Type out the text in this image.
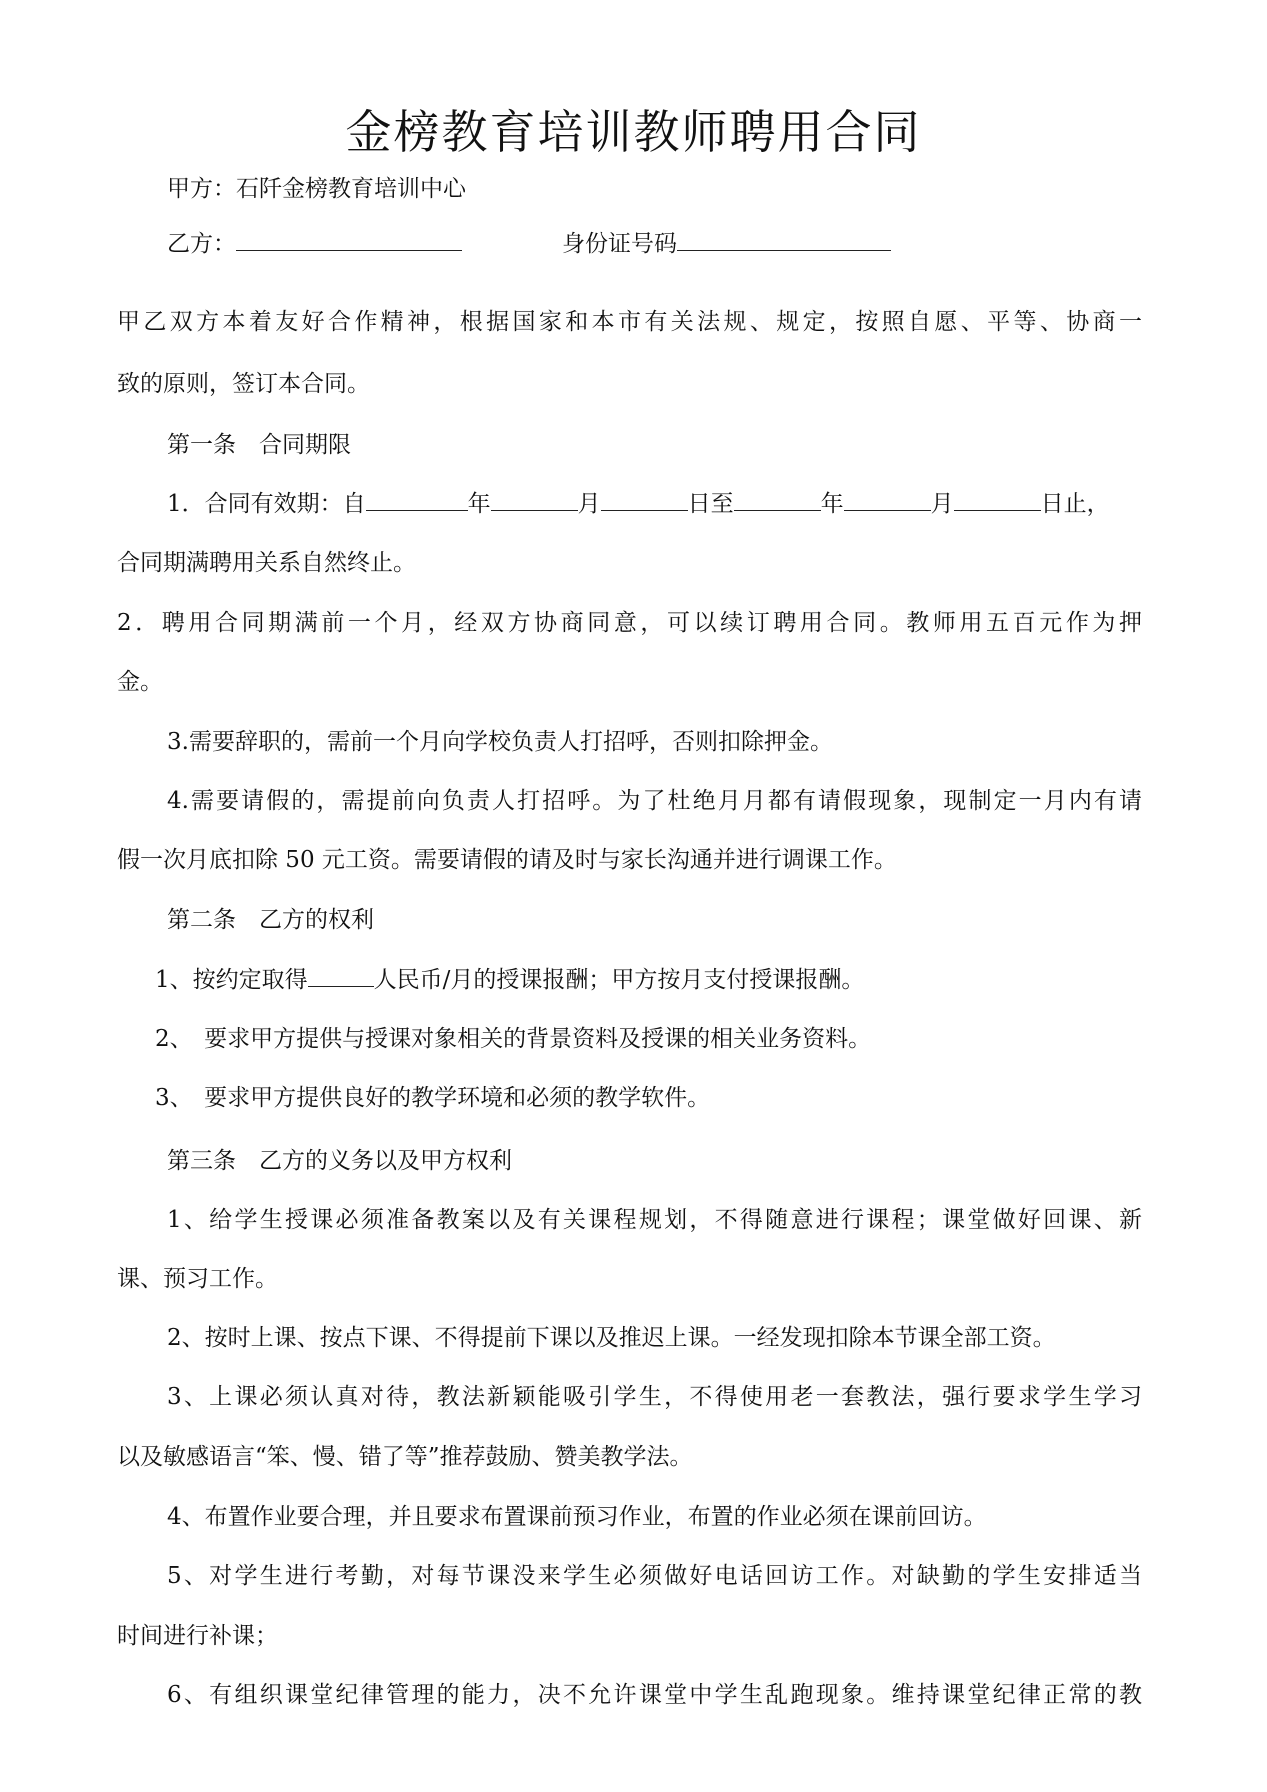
金榜教育培训教师聘用合同
甲方：石阡金榜教育培训中心
乙方：	身份证号码
甲乙双方本着友好合作精神，根据国家和本市有关法规、规定，按照自愿、平等、协商一
致的原则，签订本合同。
第一条　合同期限
1．合同有效期：自	年	月	日至	年	月	日止，
合同期满聘用关系自然终止。
2．聘用合同期满前一个月，经双方协商同意，可以续订聘用合同。教师用五百元作为押
金。
3.需要辞职的，需前一个月向学校负责人打招呼，否则扣除押金。
4.需要请假的，需提前向负责人打招呼。为了杜绝月月都有请假现象，现制定一月内有请
假一次月底扣除 50 元工资。需要请假的请及时与家长沟通并进行调课工作。
第二条　乙方的权利
1、按约定取得	人民币/月的授课报酬；甲方按月支付授课报酬。
2、　要求甲方提供与授课对象相关的背景资料及授课的相关业务资料。
3、　要求甲方提供良好的教学环境和必须的教学软件。
第三条　乙方的义务以及甲方权利
1、给学生授课必须准备教案以及有关课程规划，不得随意进行课程；课堂做好回课、新
课、预习工作。
2、按时上课、按点下课、不得提前下课以及推迟上课。一经发现扣除本节课全部工资。
3、上课必须认真对待，教法新颖能吸引学生，不得使用老一套教法，强行要求学生学习
以及敏感语言“笨、慢、错了等”推荐鼓励、赞美教学法。
4、布置作业要合理，并且要求布置课前预习作业，布置的作业必须在课前回访。
5、对学生进行考勤，对每节课没来学生必须做好电话回访工作。对缺勤的学生安排适当
时间进行补课；
6、有组织课堂纪律管理的能力，决不允许课堂中学生乱跑现象。维持课堂纪律正常的教
